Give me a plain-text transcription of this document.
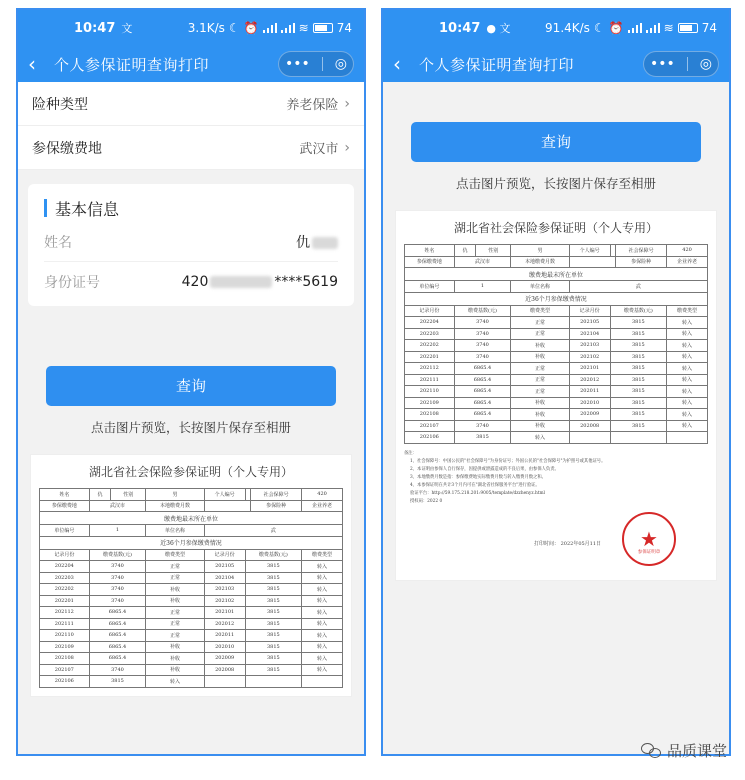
10:47 文	3.1K/s ☾ ⏰	≋ 74
‹	个人参保证明查询打印	••• ◎
险种类型	养老保险 ›
参保缴费地	武汉市 ›
基本信息
姓名	仇
身份证号	420	****5619
查询
点击图片预览，长按图片保存至相册
湖北省社会保险参保证明（个人专用）
姓名	仇	性别	男	个人编号		社会保障号	420
参保缴费地	武汉市		本地缴费月数			参保险种	企业养老
缴费地最末所在单位							
单位编号	1		单位名称	武			
近36个月参保缴费情况							
记录月份	缴费基数(元)		缴费类型	记录月份	缴费基数(元)		缴费类型
202204	3740		正常	202105	3815		转入
202203	3740		正常	202104	3815		转入
202202	3740		补收	202103	3815		转入
202201	3740		补收	202102	3815		转入
202112	6865.4		正常	202101	3815		转入
202111	6865.4		正常	202012	3815		转入
202110	6865.4		正常	202011	3815		转入
202109	6865.4		补收	202010	3815		转入
202108	6865.4		补收	202009	3815		转入
202107	3740		补收	202008	3815		转入
202106	3815		转入				
10:47 ● 文	91.4K/s ☾ ⏰	≋ 74
‹	个人参保证明查询打印	••• ◎
查询
点击图片预览，长按图片保存至相册
湖北省社会保险参保证明（个人专用）
姓名	仇	性别	男	个人编号		社会保障号	420
参保缴费地	武汉市		本地缴费月数			参保险种	企业养老
缴费地最末所在单位							
单位编号	1		单位名称	武			
近36个月参保缴费情况							
记录月份	缴费基数(元)		缴费类型	记录月份	缴费基数(元)		缴费类型
202204	3740		正常	202105	3815		转入
202203	3740		正常	202104	3815		转入
202202	3740		补收	202103	3815		转入
202201	3740		补收	202102	3815		转入
202112	6865.4		正常	202101	3815		转入
202111	6865.4		正常	202012	3815		转入
202110	6865.4		正常	202011	3815		转入
202109	6865.4		补收	202010	3815		转入
202108	6865.4		补收	202009	3815		转入
202107	3740		补收	202008	3815		转入
202106	3815		转入				
备注：
1、社会保障号：中国公民的"社会保障号"为身份证号；外国公民的"社会保障号"为护照号或其他证号。
2、本证明由参保人自行保存，因提供或泄露造成的不良后果，由参保人负责。
3、本地缴费月数是指：参保缴费地实际缴费月数与转入缴费月数之和。
4、本参保证明在共计3个月内可在"湖北省社保服务平台"进行验证。
验证平台：http://59.175.218.201:9005/template/dzzhenyz.html
授权码：2022 0
打印时间： 2022年05月11日 ★
参保证明章
品质课堂
